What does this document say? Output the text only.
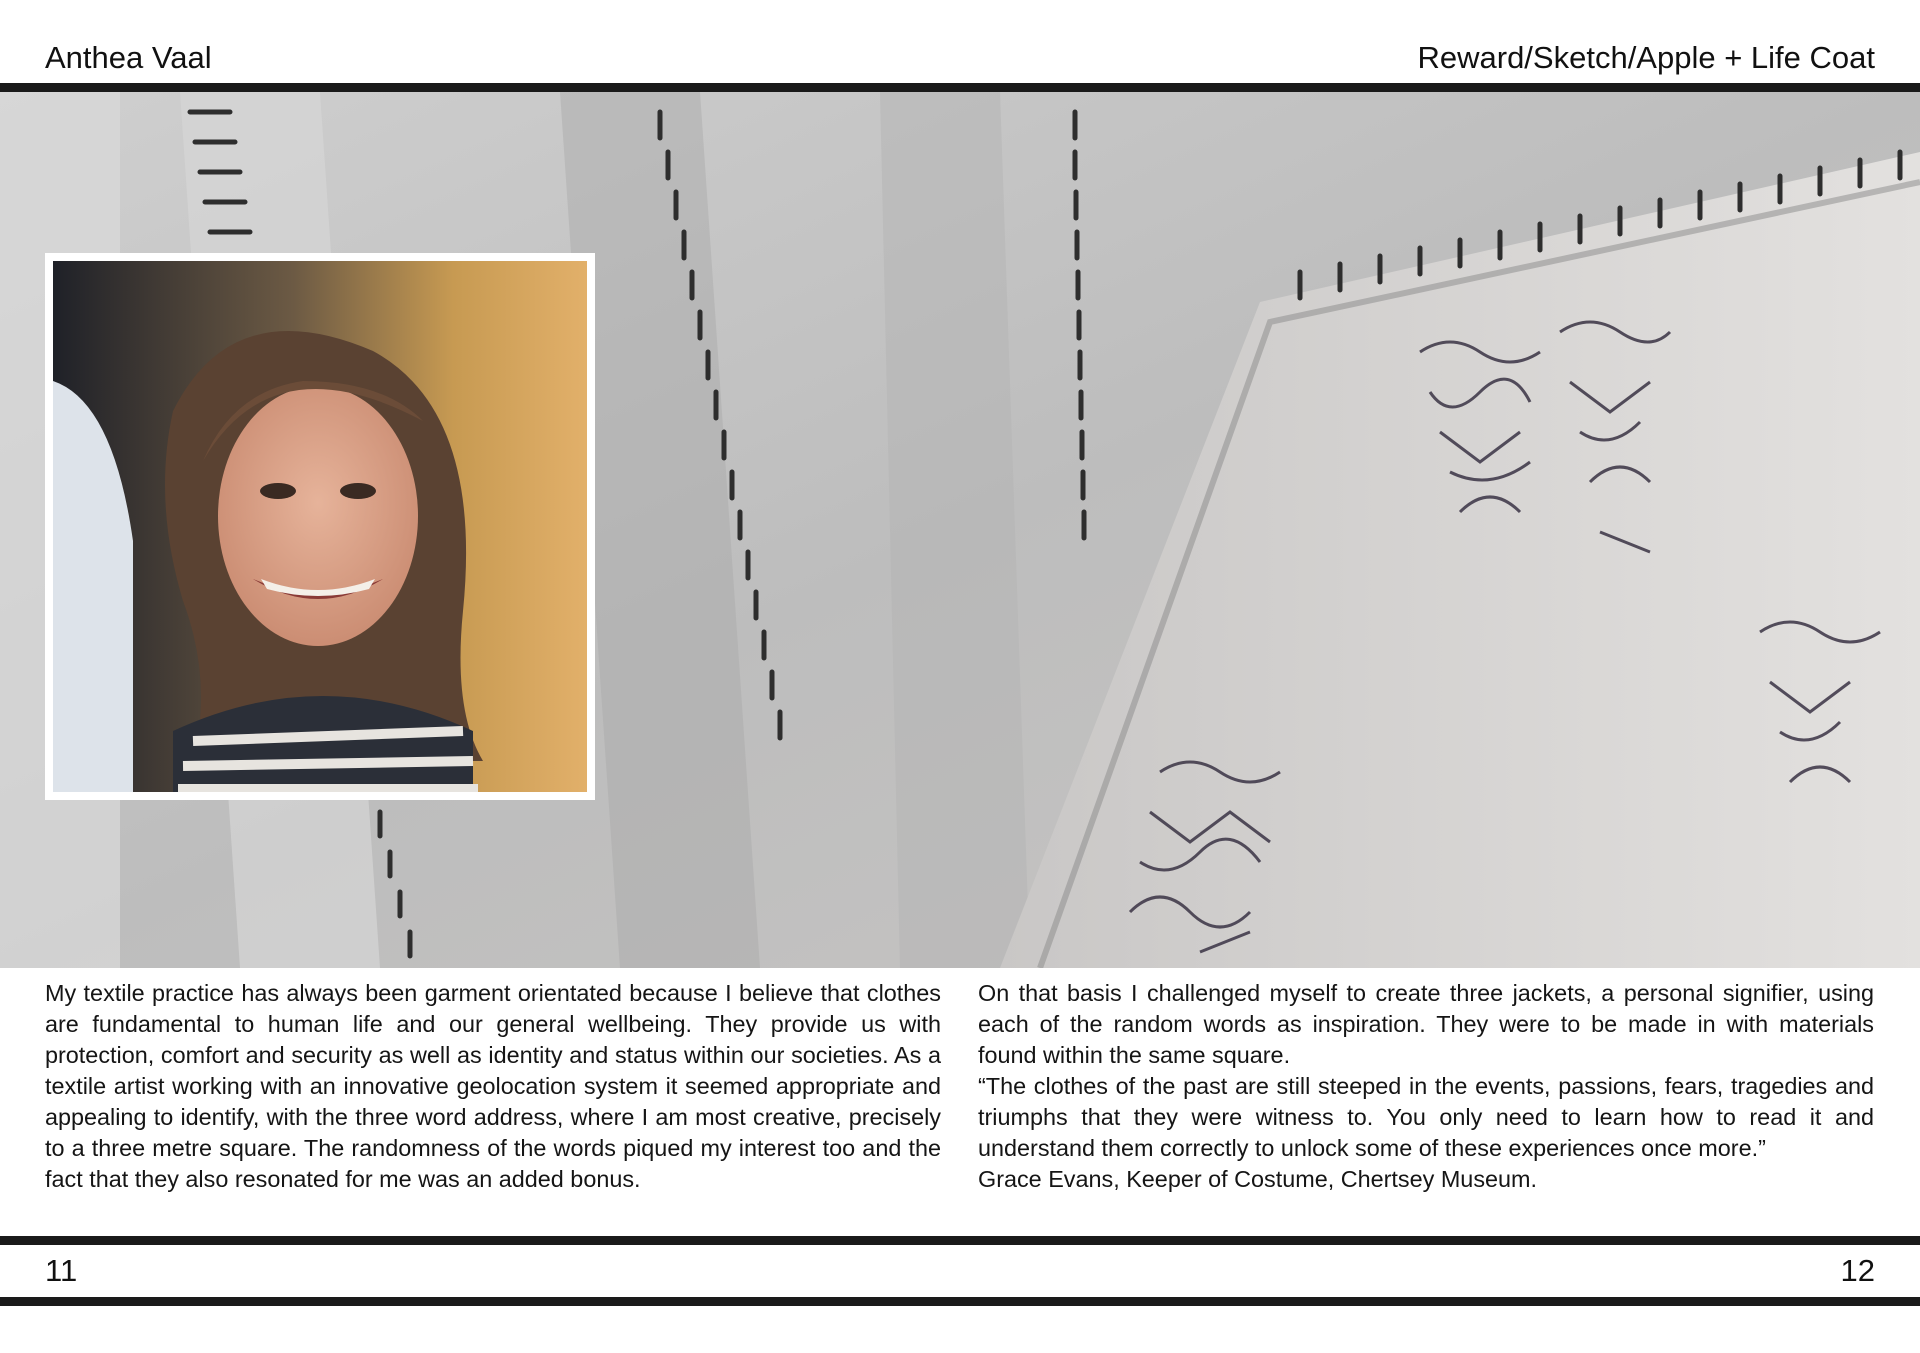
Anthea Vaal	Reward/Sketch/Apple + Life Coat

My textile practice has always been garment orientated because I believe that clothes are fundamental to human life and our general wellbeing. They provide us with protection, comfort and security as well as identity and status within our societies. As a textile artist working with an innovative geolocation system it seemed appropriate and appealing to identify, with the three word address, where I am most creative, precisely to a three metre square. The randomness of the words piqued my interest too and the fact that they also resonated for me was an added bonus.

On that basis I challenged myself to create three jackets, a personal signifier, using each of the random words as inspiration. They were to be made in with materials found within the same square.

“The clothes of the past are still steeped in the events, passions, fears, tragedies and triumphs that they were witness to. You only need to learn how to read it and understand them correctly to unlock some of these experiences once more.”

Grace Evans, Keeper of Costume, Chertsey Museum.

11	12
